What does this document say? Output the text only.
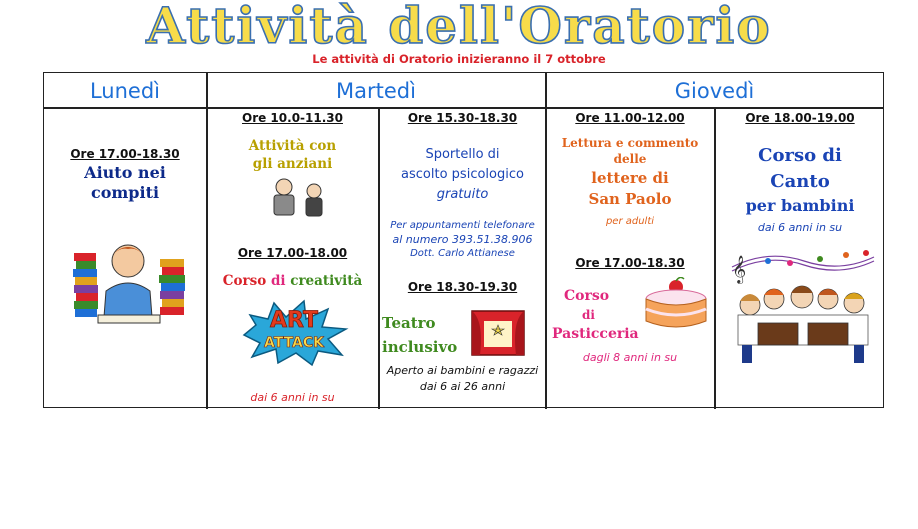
Attività dell'Oratorio
Le attività di Oratorio inizieranno il 7 ottobre
Lunedì	Martedì	Giovedì
Ore 17.00-18.30
Aiuto nei
compiti
Ore 10.0-11.30
Attività con
gli anziani
Ore 17.00-18.00
Corso di creatività
ART
ATTACK
dai 6 anni in su
Ore 15.30-18.30
Sportello di
ascolto psicologico
gratuito
Per appuntamenti telefonare
al numero 393.51.38.906
Dott. Carlo Attianese
Ore 18.30-19.30
Teatro
inclusivo
Aperto ai bambini e ragazzi
dai 6 ai 26 anni
Ore 11.00-12.00
Lettura e commento
delle
lettere di
San Paolo
per adulti
Ore 17.00-18.30
Corso
di
Pasticceria
dagli 8 anni in su
Ore 18.00-19.00
Corso di
Canto
per bambini
dai 6 anni in su
𝄞
